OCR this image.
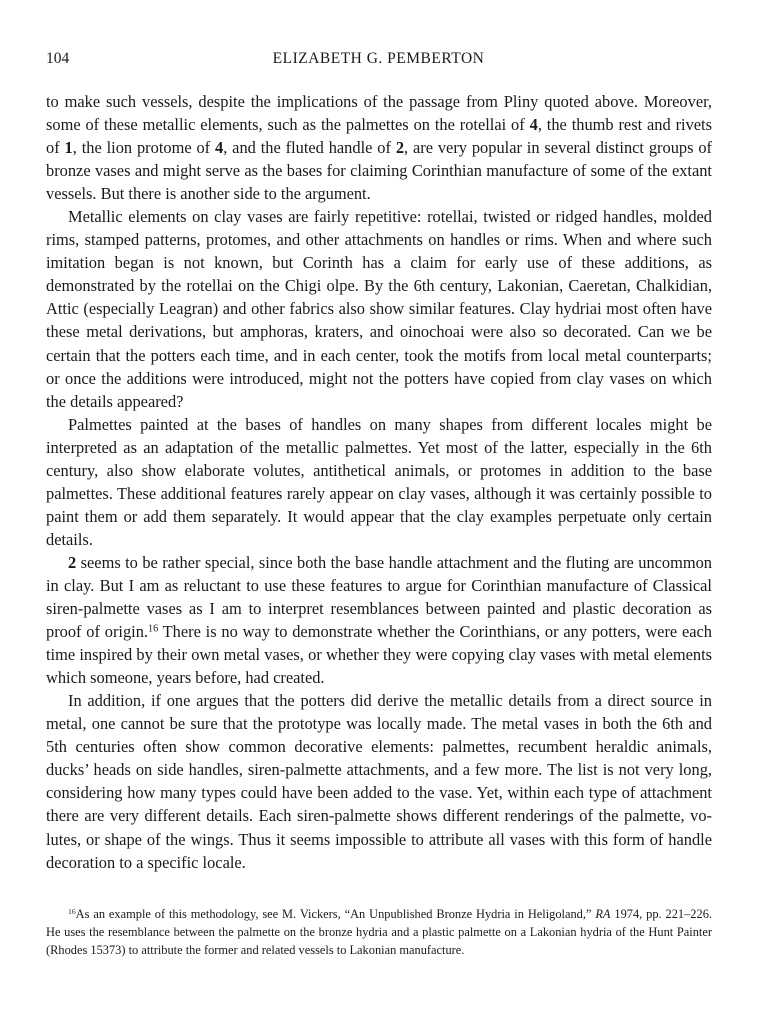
104	ELIZABETH G. PEMBERTON

to make such vessels, despite the implications of the passage from Pliny quoted above. Moreover, some of these metallic elements, such as the palmettes on the rotellai of 4, the thumb rest and rivets of 1, the lion protome of 4, and the fluted handle of 2, are very popular in several distinct groups of bronze vases and might serve as the bases for claiming Corinthian manufacture of some of the extant vessels. But there is another side to the argument.

Metallic elements on clay vases are fairly repetitive: rotellai, twisted or ridged handles, molded rims, stamped patterns, protomes, and other attachments on handles or rims. When and where such imitation began is not known, but Corinth has a claim for early use of these additions, as demonstrated by the rotellai on the Chigi olpe. By the 6th century, Lakonian, Caeretan, Chalkidian, Attic (especially Leagran) and other fabrics also show similar features. Clay hydriai most often have these metal derivations, but amphoras, kraters, and oinochoai were also so decorated. Can we be certain that the potters each time, and in each center, took the motifs from local metal counterparts; or once the additions were introduced, might not the potters have copied from clay vases on which the details appeared?

Palmettes painted at the bases of handles on many shapes from different locales might be interpreted as an adaptation of the metallic palmettes. Yet most of the latter, especially in the 6th century, also show elaborate volutes, antithetical animals, or protomes in addition to the base palmettes. These additional features rarely appear on clay vases, although it was certainly possible to paint them or add them separately. It would appear that the clay examples perpetuate only certain details.

2 seems to be rather special, since both the base handle attachment and the fluting are uncommon in clay. But I am as reluctant to use these features to argue for Corinthian manufacture of Classical siren-palmette vases as I am to interpret resemblances between painted and plastic decoration as proof of origin.$^{16}$ There is no way to demonstrate whether the Corinthians, or any potters, were each time inspired by their own metal vases, or whether they were copying clay vases with metal elements which someone, years before, had created.

In addition, if one argues that the potters did derive the metallic details from a direct source in metal, one cannot be sure that the prototype was locally made. The metal vases in both the 6th and 5th centuries often show common decorative elements: palmettes, recumbent heraldic animals, ducks’ heads on side handles, siren-palmette attachments, and a few more. The list is not very long, considering how many types could have been added to the vase. Yet, within each type of attachment there are very different details. Each siren-palmette shows different renderings of the palmette, volutes, or shape of the wings. Thus it seems impossible to attribute all vases with this form of handle decoration to a specific locale.

$^{16}$As an example of this methodology, see M. Vickers, “An Unpublished Bronze Hydria in Heligoland,” RA 1974, pp. 221–226. He uses the resemblance between the palmette on the bronze hydria and a plastic palmette on a Lakonian hydria of the Hunt Painter (Rhodes 15373) to attribute the former and related vessels to Lakonian manufacture.
